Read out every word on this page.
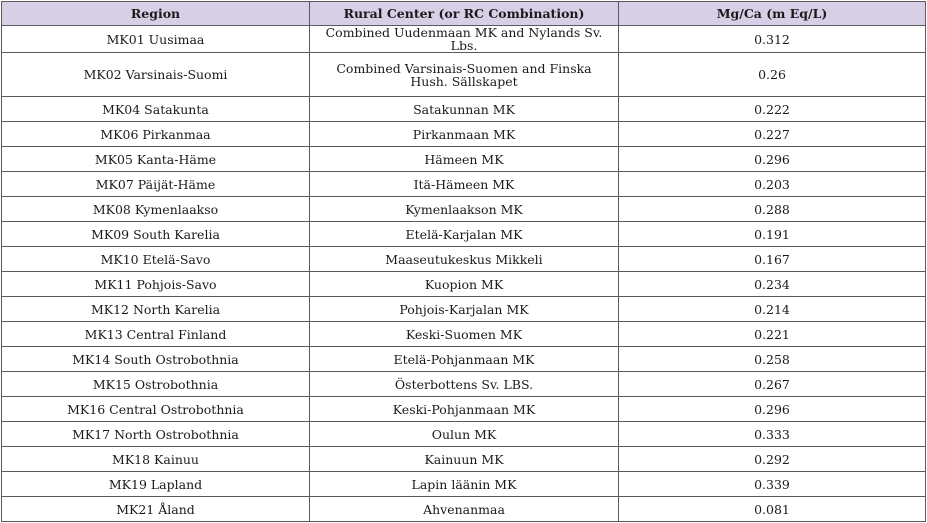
Region	Rural Center (or RC Combination)	Mg/Ca (m Eq/L)
MK01 Uusimaa	Combined Uudenmaan MK and Nylands Sv. Lbs.	0.312
MK02 Varsinais-Suomi	Combined Varsinais-Suomen and Finska Hush. Sällskapet	0.26
MK04 Satakunta	Satakunnan MK	0.222
MK06 Pirkanmaa	Pirkanmaan MK	0.227
MK05 Kanta-Häme	Hämeen MK	0.296
MK07 Päijät-Häme	Itä-Hämeen MK	0.203
MK08 Kymenlaakso	Kymenlaakson MK	0.288
MK09 South Karelia	Etelä-Karjalan MK	0.191
MK10 Etelä-Savo	Maaseutukeskus Mikkeli	0.167
MK11 Pohjois-Savo	Kuopion MK	0.234
MK12 North Karelia	Pohjois-Karjalan MK	0.214
MK13 Central Finland	Keski-Suomen MK	0.221
MK14 South Ostrobothnia	Etelä-Pohjanmaan MK	0.258
MK15 Ostrobothnia	Österbottens Sv. LBS.	0.267
MK16 Central Ostrobothnia	Keski-Pohjanmaan MK	0.296
MK17 North Ostrobothnia	Oulun MK	0.333
MK18 Kainuu	Kainuun MK	0.292
MK19 Lapland	Lapin läänin MK	0.339
MK21 Åland	Ahvenanmaa	0.081
